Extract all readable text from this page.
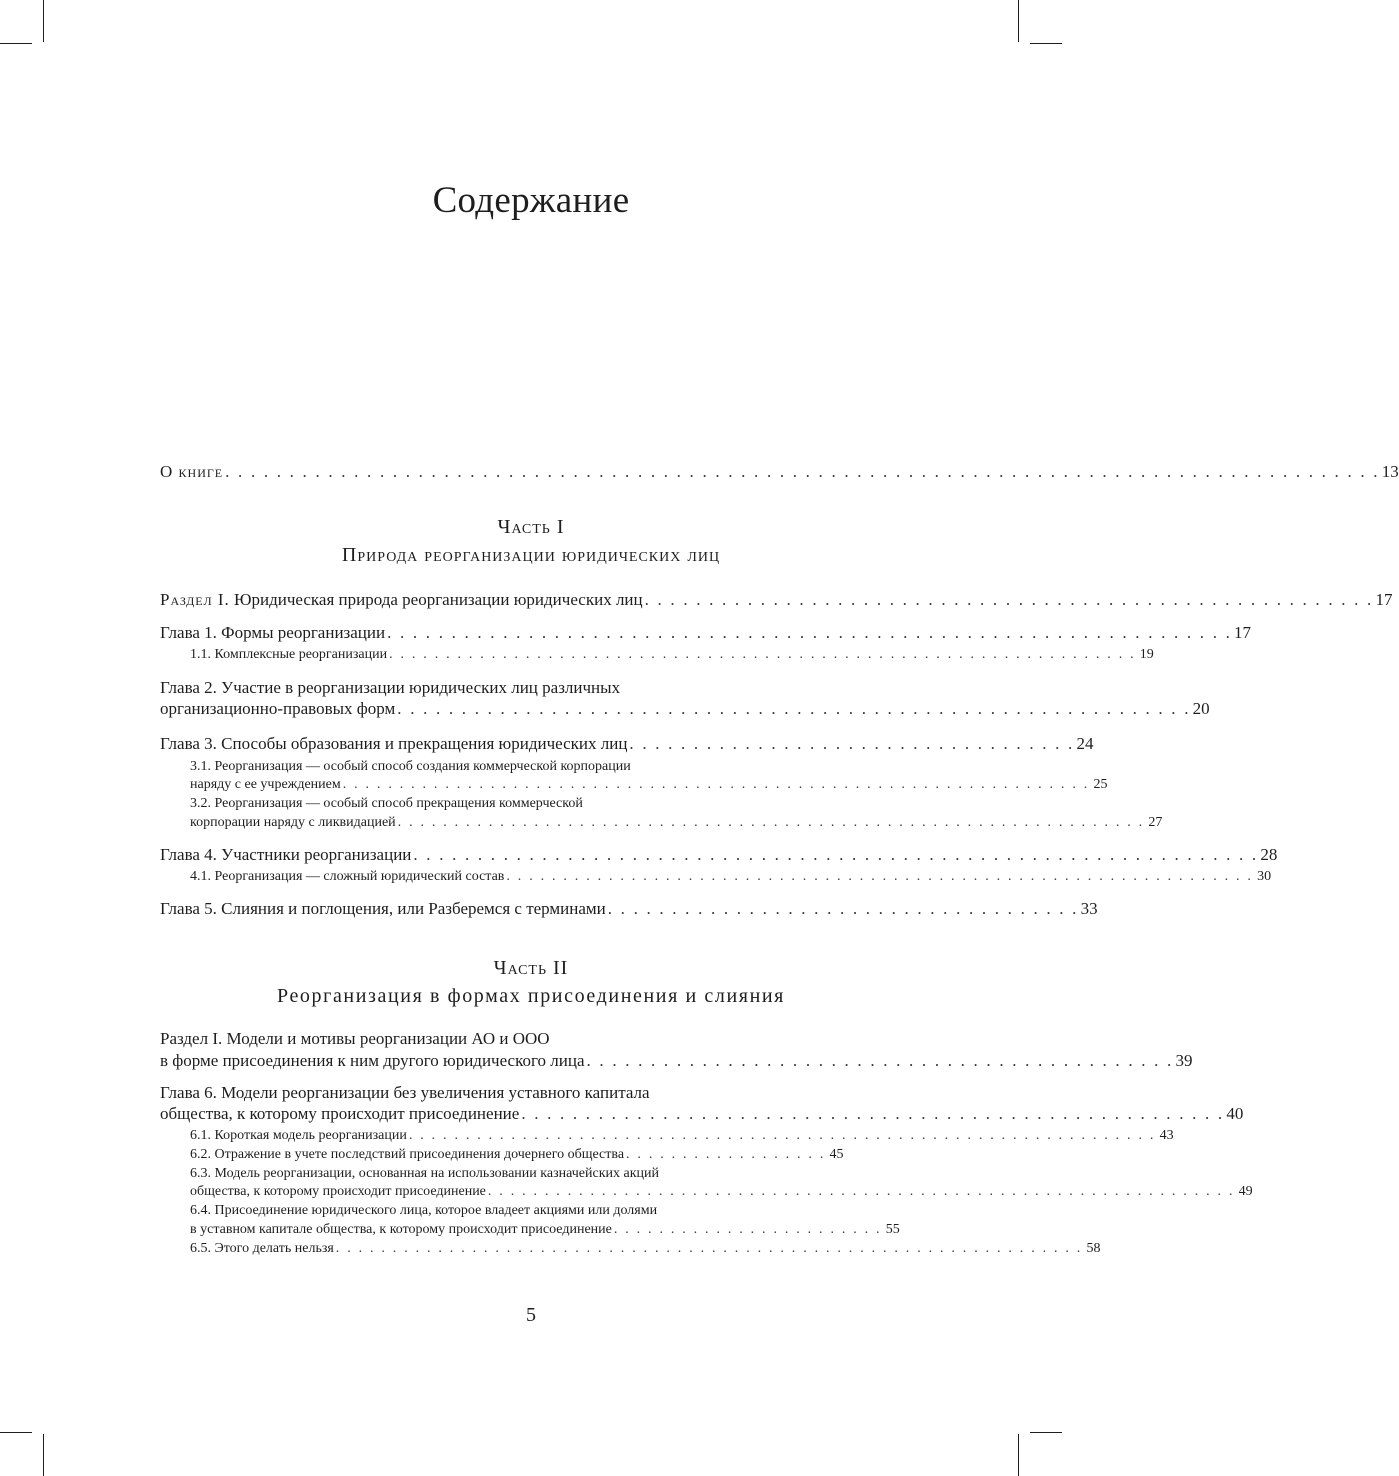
Содержание
О книге . . . . . . . . . . . . . . . . . . . . . . . . . . . . . . . . . . . . . . . . . . . . . . . . . . . . . . . . . . . . . . . . . . . . . . . . . . . . . . . . . . . . . . . . . . 13
Раздел I. Юридическая природа реорганизации юридических лиц . . . . . . . . . . . . . . . . . . . . . . . . . . . . . . . . . . . . . . . . . . . . . . . . . . . . . . . . . 17
Глава 1. Формы реорганизации . . . . . . . . . . . . . . . . . . . . . . . . . . . . . . . . . . . . . . . . . . . . . . . . . . . . . . . . . . . . . . . . . . 17
1.1. Комплексные реорганизации . . . . . . . . . . . . . . . . . . . . . . . . . . . . . . . . . . . . . . . . . . . . . . . . . . . . . . . . . . . . . . . . . . 19
Глава 2. Участие в реорганизации юридических лиц различных
организационно-правовых форм . . . . . . . . . . . . . . . . . . . . . . . . . . . . . . . . . . . . . . . . . . . . . . . . . . . . . . . . . . . . . . 20
Глава 3. Способы образования и прекращения юридических лиц . . . . . . . . . . . . . . . . . . . . . . . . . . . . . . . . . . . 24
3.1. Реорганизация — особый способ создания коммерческой корпорации
наряду с ее учреждением . . . . . . . . . . . . . . . . . . . . . . . . . . . . . . . . . . . . . . . . . . . . . . . . . . . . . . . . . . . . . . . . . . 25
3.2. Реорганизация — особый способ прекращения коммерческой
корпорации наряду с ликвидацией . . . . . . . . . . . . . . . . . . . . . . . . . . . . . . . . . . . . . . . . . . . . . . . . . . . . . . . . . . . . . . . . . . 27
Глава 4. Участники реорганизации . . . . . . . . . . . . . . . . . . . . . . . . . . . . . . . . . . . . . . . . . . . . . . . . . . . . . . . . . . . . . . . . . . 28
4.1. Реорганизация — сложный юридический состав . . . . . . . . . . . . . . . . . . . . . . . . . . . . . . . . . . . . . . . . . . . . . . . . . . . . . . . . . . . . . . . . . . 30
Глава 5. Слияния и поглощения, или Разберемся с терминами . . . . . . . . . . . . . . . . . . . . . . . . . . . . . . . . . . . . . 33
Раздел I. Модели и мотивы реорганизации АО и ООО
в форме присоединения к ним другого юридического лица . . . . . . . . . . . . . . . . . . . . . . . . . . . . . . . . . . . . . . . . . . . . . . 39
Глава 6. Модели реорганизации без увеличения уставного капитала
общества, к которому происходит присоединение . . . . . . . . . . . . . . . . . . . . . . . . . . . . . . . . . . . . . . . . . . . . . . . . . . . . . . . 40
6.1. Короткая модель реорганизации . . . . . . . . . . . . . . . . . . . . . . . . . . . . . . . . . . . . . . . . . . . . . . . . . . . . . . . . . . . . . . . . . . 43
6.2. Отражение в учете последствий присоединения дочернего общества . . . . . . . . . . . . . . . . . . 45
6.3. Модель реорганизации, основанная на использовании казначейских акций
общества, к которому происходит присоединение . . . . . . . . . . . . . . . . . . . . . . . . . . . . . . . . . . . . . . . . . . . . . . . . . . . . . . . . . . . . . . . . . . 49
6.4. Присоединение юридического лица, которое владеет акциями или долями
в уставном капитале общества, к которому происходит присоединение . . . . . . . . . . . . . . . . . . . . . . . . 55
6.5. Этого делать нельзя . . . . . . . . . . . . . . . . . . . . . . . . . . . . . . . . . . . . . . . . . . . . . . . . . . . . . . . . . . . . . . . . . . 58
Часть I
Природа реорганизации юридических лиц
Часть II
Реорганизация в формах присоединения и слияния
5
